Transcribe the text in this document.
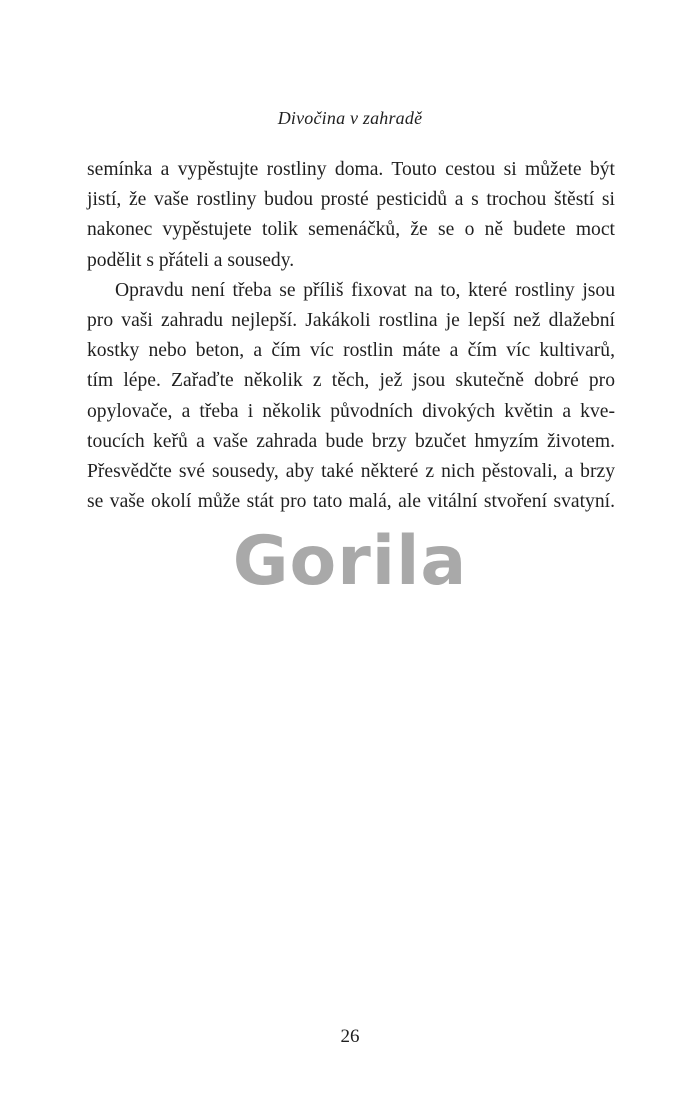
Divočina v zahradě

semínka a vypěstujte rostliny doma. Touto cestou si můžete být
jistí, že vaše rostliny budou prosté pesticidů a s trochou štěstí si
nakonec vypěstujete tolik semenáčků, že se o ně budete moct
podělit s přáteli a sousedy.

Opravdu není třeba se příliš fixovat na to, které rostliny jsou
pro vaši zahradu nejlepší. Jakákoli rostlina je lepší než dlažební
kostky nebo beton, a čím víc rostlin máte a čím víc kultivarů,
tím lépe. Zařaďte několik z těch, jež jsou skutečně dobré pro
opylovače, a třeba i několik původních divokých květin a kve-
toucích keřů a vaše zahrada bude brzy bzučet hmyzím životem.
Přesvědčte své sousedy, aby také některé z nich pěstovali, a brzy
se vaše okolí může stát pro tato malá, ale vitální stvoření svatyní.

Gorila
26
